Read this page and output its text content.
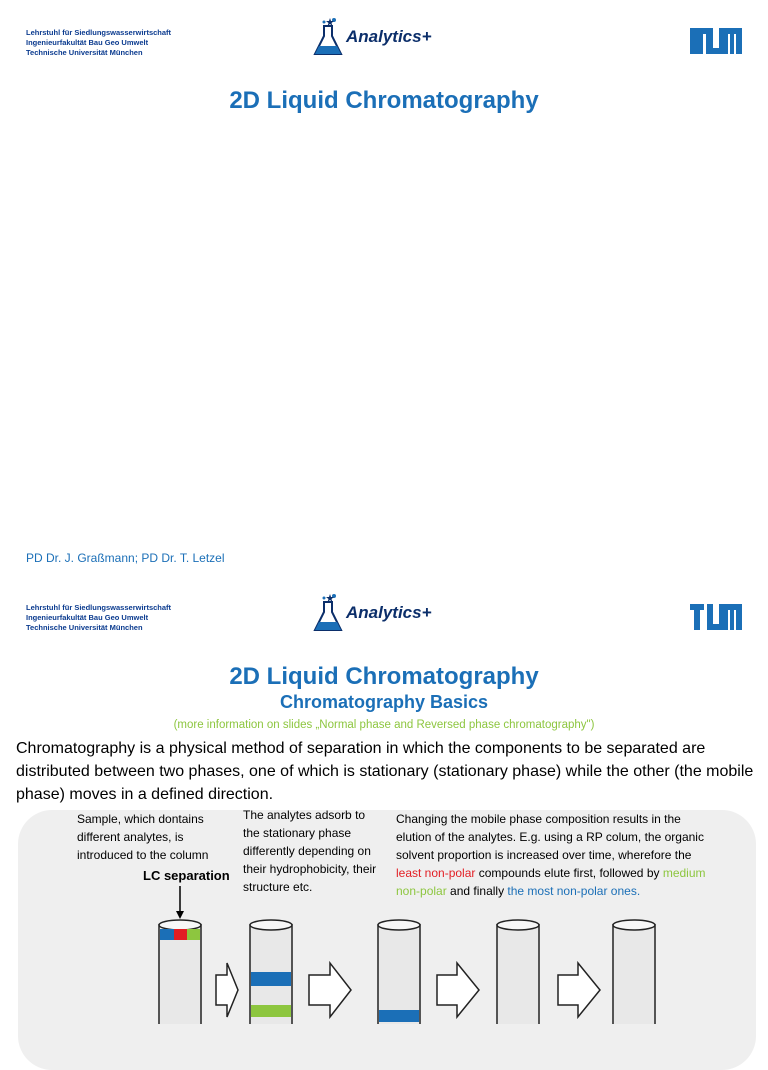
Lehrstuhl für Siedlungswasserwirtschaft
Ingenieurfakultät Bau Geo Umwelt
Technische Universität München
Analytics+
2D Liquid Chromatography
PD Dr. J. Graßmann; PD Dr. T. Letzel
Lehrstuhl für Siedlungswasserwirtschaft
Ingenieurfakultät Bau Geo Umwelt
Technische Universität München
Analytics+
2D Liquid Chromatography
Chromatography Basics
(more information on slides „Normal phase and Reversed phase chromatography")
Chromatography is a physical method of separation in which the components to be separated are distributed between two phases, one of which is stationary (stationary phase) while the other (the mobile phase) moves in a defined direction.
Sample, which dontains different analytes, is introduced to the column
The analytes adsorb to the stationary phase differently depending on their hydrophobicity, their structure etc.
Changing the mobile phase composition results in the elution of the analytes. E.g. using a RP colum, the organic solvent proportion is increased over time, wherefore the least non-polar compounds elute first, followed by medium non-polar and finally the most non-polar ones.
LC separation
